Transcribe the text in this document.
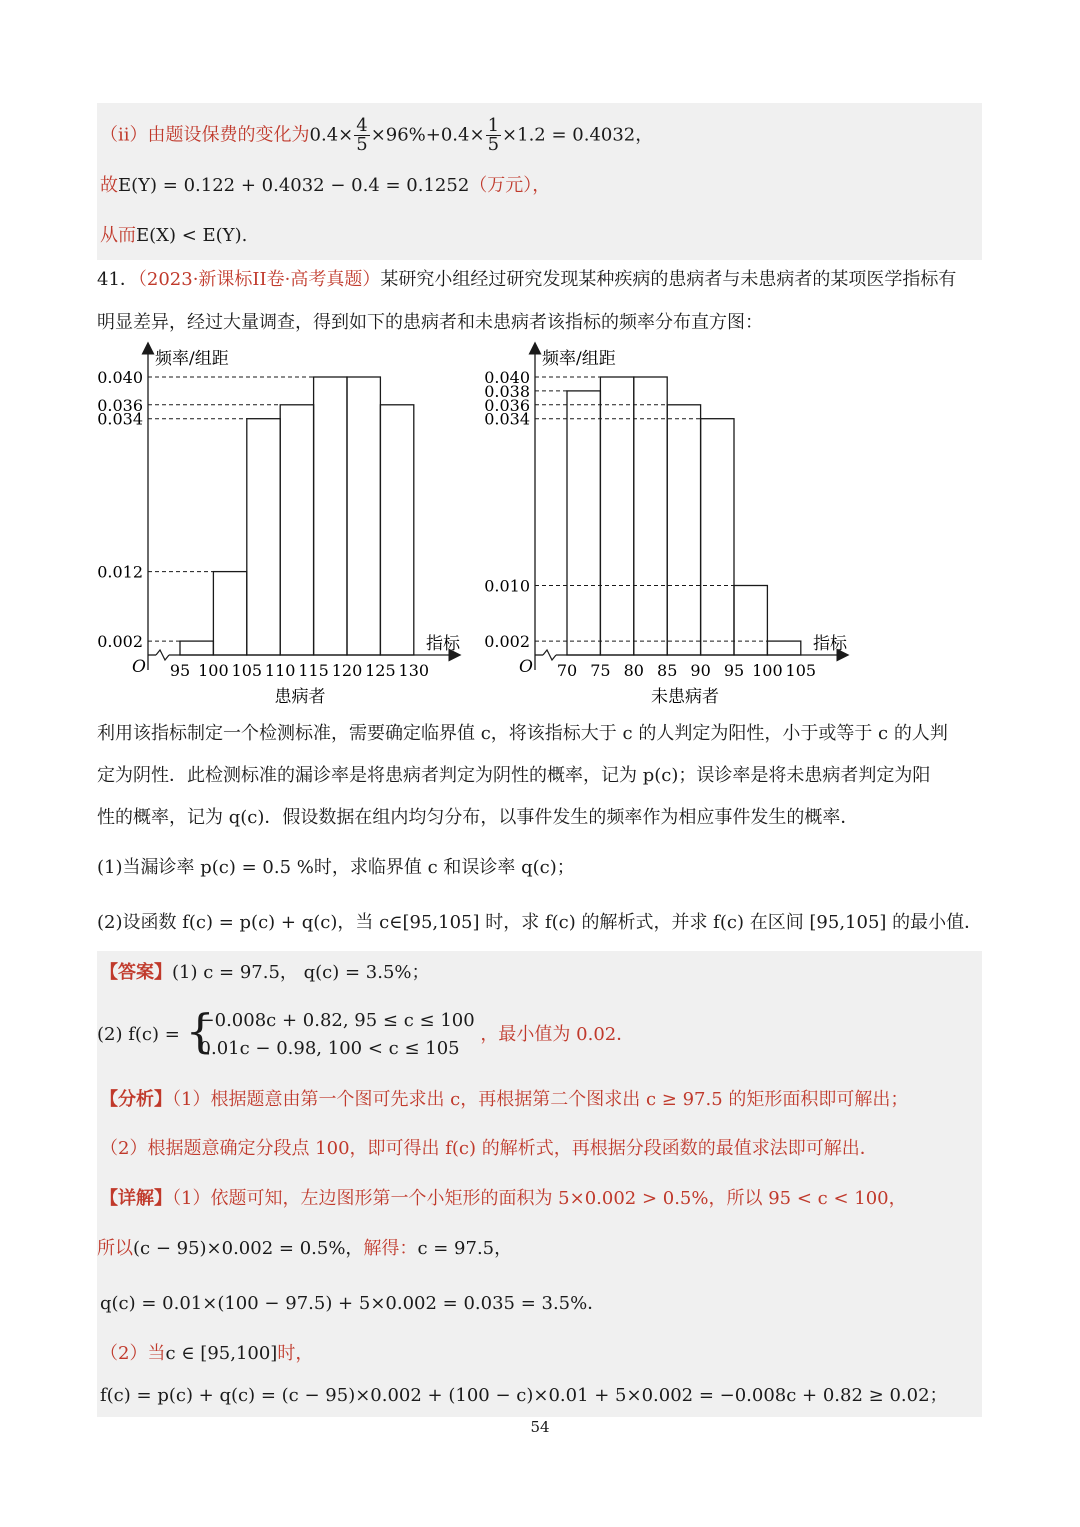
（ii）由题设保费的变化为$0.4\times \frac{4}{5} \times 96\%+0.4\times \frac{1}{5} \times 1.2 = 0.4032$，
故E(Y) = 0.122 + 0.4032 − 0.4 = 0.1252（万元），
从而E(X) < E(Y).
41．（2023·新课标II卷·高考真题）某研究小组经过研究发现某种疾病的患病者与未患病者的某项医学指标有
明显差异，经过大量调查，得到如下的患病者和未患病者该指标的频率分布直方图：
频率/组距
指标
O
患病者
0.002
0.012
0.034
0.036
0.040
95 100 105 110 115 120 125 130
频率/组距
指标
O
未患病者
0.002
0.010
0.034
0.036
0.038
0.040
70 75 80 85 90 95 100 105
利用该指标制定一个检测标准，需要确定临界值 c，将该指标大于 c 的人判定为阳性，小于或等于 c 的人判
定为阴性．此检测标准的漏诊率是将患病者判定为阴性的概率，记为 p(c)；误诊率是将未患病者判定为阳
性的概率，记为 q(c)．假设数据在组内均匀分布，以事件发生的频率作为相应事件发生的概率．
(1)当漏诊率 p(c) = 0.5 %时，求临界值 c 和误诊率 q(c)；
(2)设函数 f(c) = p(c) + q(c)，当 c∈[95,105] 时，求 f(c) 的解析式，并求 f(c) 在区间 [95,105] 的最小值．
【答案】(1) c = 97.5， q(c) = 3.5%；
(2) f(c) = {
−0.008c + 0.82, 95 ≤ c ≤ 100
0.01c − 0.98, 100 < c ≤ 105
，最小值为 0.02．
【分析】（1）根据题意由第一个图可先求出 c，再根据第二个图求出 c ≥ 97.5 的矩形面积即可解出；
（2）根据题意确定分段点 100，即可得出 f(c) 的解析式，再根据分段函数的最值求法即可解出．
【详解】（1）依题可知，左边图形第一个小矩形的面积为 5×0.002 > 0.5%，所以 95 < c < 100，
所以(c − 95)×0.002 = 0.5%，解得：c = 97.5，
q(c) = 0.01×(100 − 97.5) + 5×0.002 = 0.035 = 3.5%．
（2）当c ∈ [95,100]时，
f(c) = p(c) + q(c) = (c − 95)×0.002 + (100 − c)×0.01 + 5×0.002 = −0.008c + 0.82 ≥ 0.02；
54
